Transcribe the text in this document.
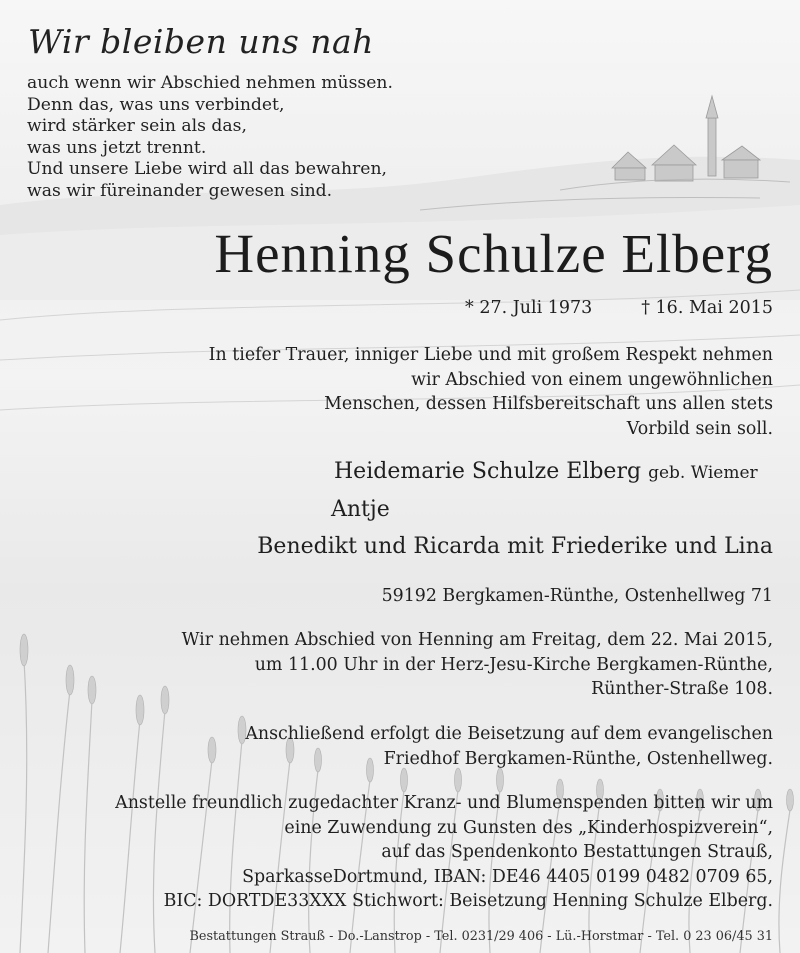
Wir bleiben uns nah
auch wenn wir Abschied nehmen müssen.
Denn das, was uns verbindet,
wird stärker sein als das,
was uns jetzt trennt.
Und unsere Liebe wird all das bewahren,
was wir füreinander gewesen sind.
Henning Schulze Elberg
* 27. Juli 1973	† 16. Mai 2015
In tiefer Trauer, inniger Liebe und mit großem Respekt nehmen
wir Abschied von einem ungewöhnlichen
Menschen, dessen Hilfsbereitschaft uns allen stets
Vorbild sein soll.
Heidemarie Schulze Elberg geb. Wiemer
Antje
Benedikt und Ricarda mit Friederike und Lina
59192 Bergkamen-Rünthe, Ostenhellweg 71
Wir nehmen Abschied von Henning am Freitag, dem 22. Mai 2015,
um 11.00 Uhr in der Herz-Jesu-Kirche Bergkamen-Rünthe,
Rünther-Straße 108.
Anschließend erfolgt die Beisetzung auf dem evangelischen
Friedhof Bergkamen-Rünthe, Ostenhellweg.
Anstelle freundlich zugedachter Kranz- und Blumenspenden bitten wir um
eine Zuwendung zu Gunsten des „Kinderhospizverein“,
auf das Spendenkonto Bestattungen Strauß,
SparkasseDortmund, IBAN: DE46 4405 0199 0482 0709 65,
BIC: DORTDE33XXX Stichwort: Beisetzung Henning Schulze Elberg.
Bestattungen Strauß - Do.-Lanstrop - Tel. 0231/29 406 - Lü.-Horstmar - Tel. 0 23 06/45 31
